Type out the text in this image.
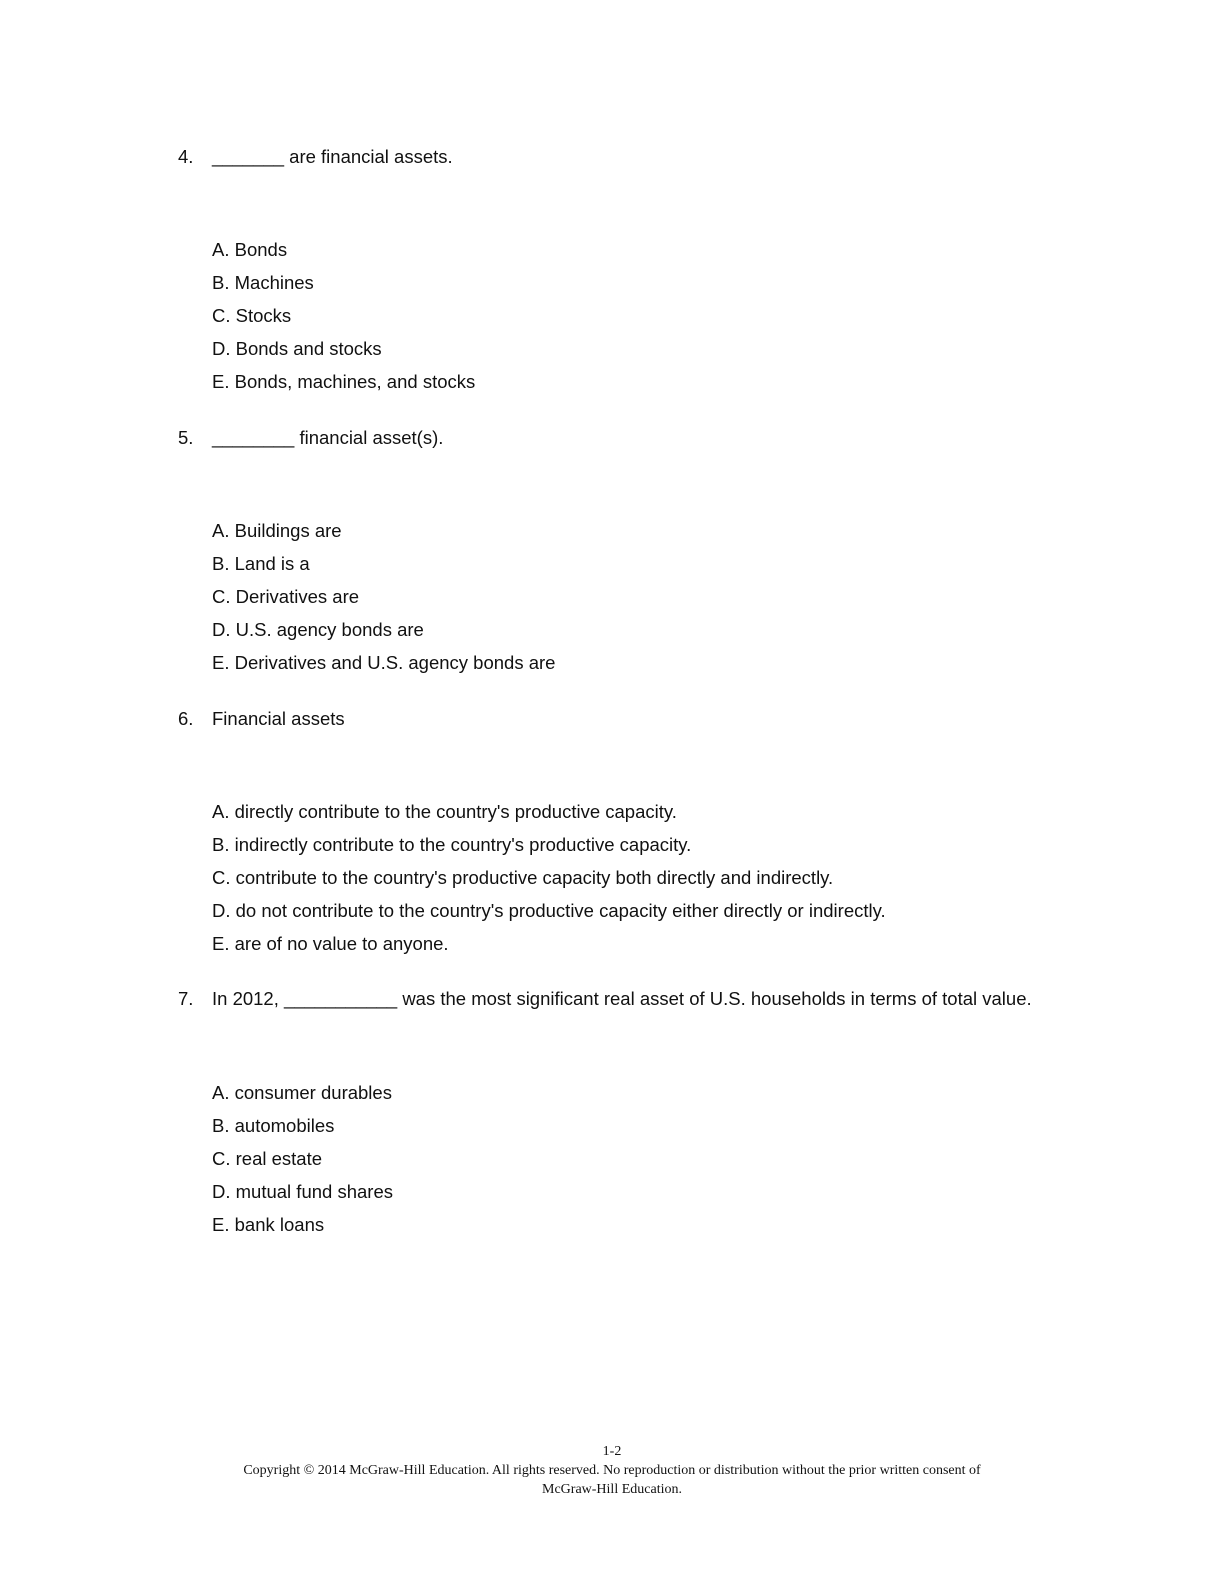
4.	_______ are financial assets.
A. Bonds
B. Machines
C. Stocks
D. Bonds and stocks
E. Bonds, machines, and stocks
5.	________ financial asset(s).
A. Buildings are
B. Land is a
C. Derivatives are
D. U.S. agency bonds are
E. Derivatives and U.S. agency bonds are
6.	Financial assets
A. directly contribute to the country's productive capacity.
B. indirectly contribute to the country's productive capacity.
C. contribute to the country's productive capacity both directly and indirectly.
D. do not contribute to the country's productive capacity either directly or indirectly.
E. are of no value to anyone.
7.	In 2012, ___________ was the most significant real asset of U.S. households in terms of total value.
A. consumer durables
B. automobiles
C. real estate
D. mutual fund shares
E. bank loans
1-2
Copyright © 2014 McGraw-Hill Education. All rights reserved. No reproduction or distribution without the prior written consent of
McGraw-Hill Education.
